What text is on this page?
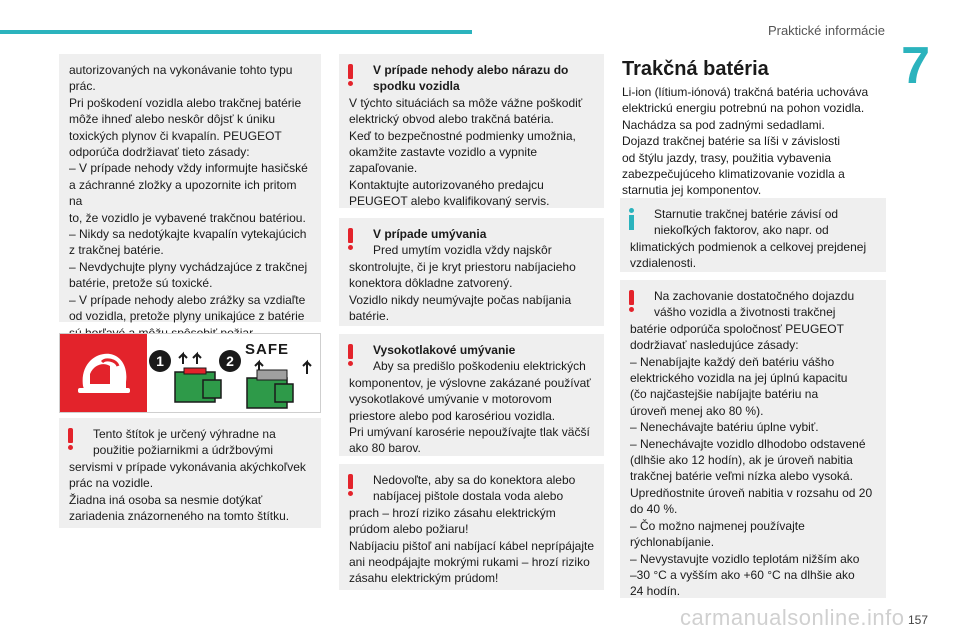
Praktické informácie
7

autorizovaných na vykonávanie tohto typu
prác.
Pri poškodení vozidla alebo trakčnej batérie
môže ihneď alebo neskôr dôjsť k úniku
toxických plynov či kvapalín. PEUGEOT
odporúča dodržiavať tieto zásady:
– V prípade nehody vždy informujte hasičské
a záchranné zložky a upozornite ich pritom na
to, že vozidlo je vybavené trakčnou batériou.
– Nikdy sa nedotýkajte kvapalín vytekajúcich
z trakčnej batérie.
– Nevdychujte plyny vychádzajúce z trakčnej
batérie, pretože sú toxické.
– V prípade nehody alebo zrážky sa vzdiaľte
od vozidla, pretože plyny unikajúce z batérie

1	2
SAFE

Tento štítok je určený výhradne na
použitie požiarnikmi a údržbovými

servismi v prípade vykonávania akýchkoľvek
prác na vozidle.
Žiadna iná osoba sa nesmie dotýkať
zariadenia znázorneného na tomto štítku.

V prípade nehody alebo nárazu do
spodku vozidla

V týchto situáciách sa môže vážne poškodiť
elektrický obvod alebo trakčná batéria.
Keď to bezpečnostné podmienky umožnia,
okamžite zastavte vozidlo a vypnite
zapaľovanie.
Kontaktujte autorizovaného predajcu
PEUGEOT alebo kvalifikovaný servis.

V prípade umývania

Pred umytím vozidla vždy najskôr

skontrolujte, či je kryt priestoru nabíjacieho
konektora dôkladne zatvorený.
Vozidlo nikdy neumývajte počas nabíjania
batérie.

Vysokotlakové umývanie

Aby sa predišlo poškodeniu elektrických

komponentov, je výslovne zakázané používať
vysokotlakové umývanie v motorovom
priestore alebo pod karosériou vozidla.
Pri umývaní karosérie nepoužívajte tlak väčší
ako 80 barov.

Nedovoľte, aby sa do konektora alebo
nabíjacej pištole dostala voda alebo

prach – hrozí riziko zásahu elektrickým
prúdom alebo požiaru!
Nabíjaciu pištoľ ani nabíjací kábel neprípájajte
ani neodpájajte mokrými rukami – hrozí riziko
zásahu elektrickým prúdom!

Trakčná batéria

Li-ion (lítium-iónová) trakčná batéria uchováva
elektrickú energiu potrebnú na pohon vozidla.
Nachádza sa pod zadnými sedadlami.
Dojazd trakčnej batérie sa líši v závislosti
od štýlu jazdy, trasy, použitia vybavenia
zabezpečujúceho klimatizovanie vozidla a
starnutia jej komponentov.

Starnutie trakčnej batérie závisí od
niekoľkých faktorov, ako napr. od

klimatických podmienok a celkovej prejdenej
vzdialenosti.

Na zachovanie dostatočného dojazdu
vášho vozidla a životnosti trakčnej

batérie odporúča spoločnosť PEUGEOT
dodržiavať nasledujúce zásady:
– Nenabíjajte každý deň batériu vášho
elektrického vozidla na jej úplnú kapacitu
(čo najčastejšie nabíjajte batériu na
úroveň menej ako 80 %).
– Nenechávajte batériu úplne vybiť.
– Nenechávajte vozidlo dlhodobo odstavené
(dlhšie ako 12 hodín), ak je úroveň nabitia
trakčnej batérie veľmi nízka alebo vysoká.
Upredňostnite úroveň nabitia v rozsahu od 20
do 40 %.
– Čo možno najmenej používajte
rýchlonabíjanie.
– Nevystavujte vozidlo teplotám nižším ako
–30 °C a vyšším ako +60 °C na dlhšie ako
24 hodín.

carmanualsonline.info 157
